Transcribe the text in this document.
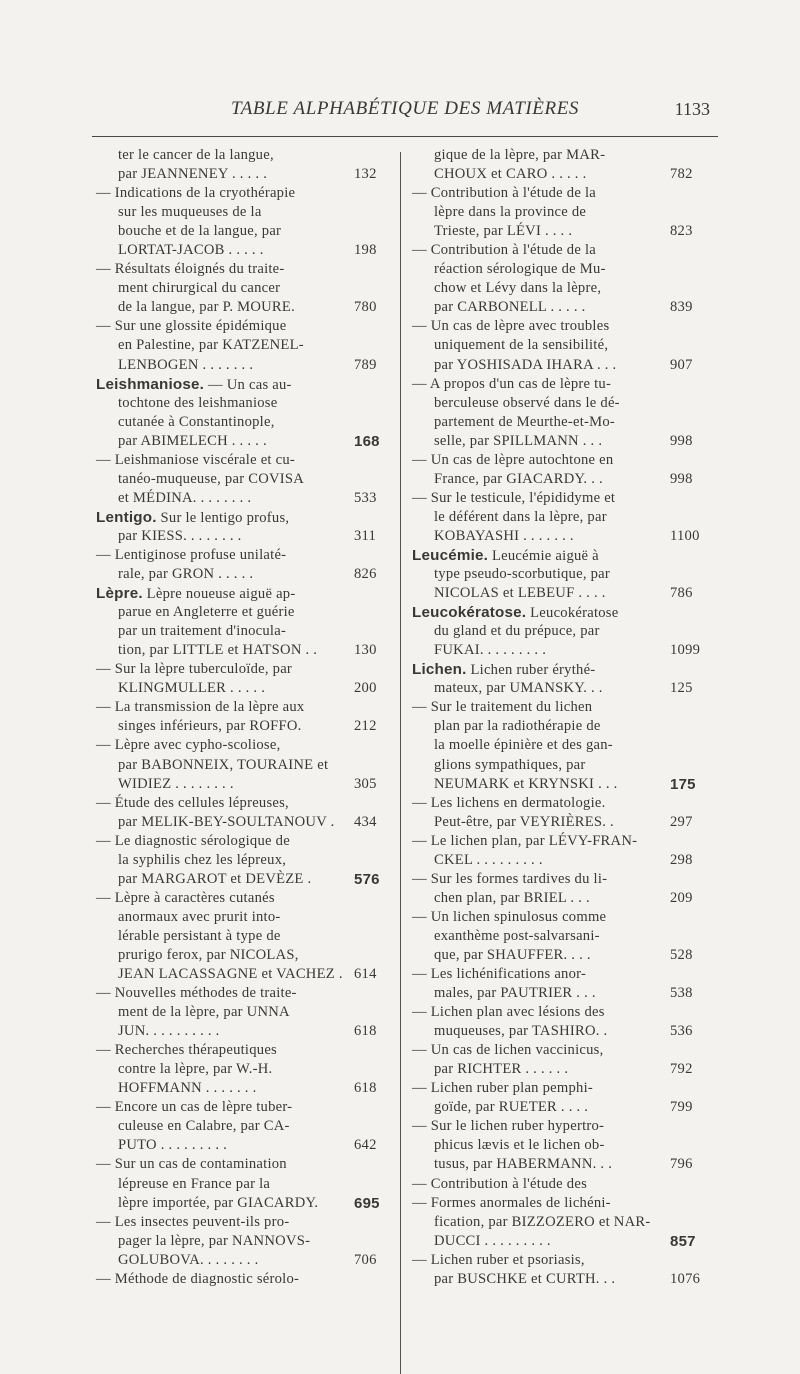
TABLE ALPHABÉTIQUE DES MATIÈRES	1133
ter le cancer de la langue,
par JEANNENEY . . . . .	132
— Indications de la cryothérapie
sur les muqueuses de la
bouche et de la langue, par
LORTAT-JACOB . . . . .	198
— Résultats éloignés du traite-
ment chirurgical du cancer
de la langue, par P. MOURE.	780
— Sur une glossite épidémique
en Palestine, par KATZENEL-
LENBOGEN . . . . . . .	789
Leishmaniose. — Un cas au-
tochtone des leishmaniose
cutanée à Constantinople,
par ABIMELECH . . . . .	168
— Leishmaniose viscérale et cu-
tanéo-muqueuse, par COVISA
et MÉDINA. . . . . . . .	533
Lentigo. Sur le lentigo profus,
par KIESS. . . . . . . .	311
— Lentiginose profuse unilaté-
rale, par GRON . . . . .	826
Lèpre. Lèpre noueuse aiguë ap-
parue en Angleterre et guérie
par un traitement d'inocula-
tion, par LITTLE et HATSON . .	130
— Sur la lèpre tuberculoïde, par
KLINGMULLER . . . . .	200
— La transmission de la lèpre aux
singes inférieurs, par ROFFO.	212
— Lèpre avec cypho-scoliose,
par BABONNEIX, TOURAINE et
WIDIEZ . . . . . . . .	305
— Étude des cellules lépreuses,
par MELIK-BEY-SOULTANOUV . 434
— Le diagnostic sérologique de
la syphilis chez les lépreux,
par MARGAROT et DEVÈZE .	576
— Lèpre à caractères cutanés
anormaux avec prurit into-
lérable persistant à type de
prurigo ferox, par NICOLAS,
JEAN LACASSAGNE et VACHEZ . 614
— Nouvelles méthodes de traite-
ment de la lèpre, par UNNA
JUN. . . . . . . . . .	618
— Recherches thérapeutiques
contre la lèpre, par W.-H.
HOFFMANN . . . . . . .	618
— Encore un cas de lèpre tuber-
culeuse en Calabre, par CA-
PUTO . . . . . . . . .	642
— Sur un cas de contamination
lépreuse en France par la
lèpre importée, par GIACARDY. 695
— Les insectes peuvent-ils pro-
pager la lèpre, par NANNOVS-
GOLUBOVA. . . . . . . .	706
— Méthode de diagnostic sérolo-
gique de la lèpre, par MAR-
CHOUX et CARO . . . . .	782
— Contribution à l'étude de la
lèpre dans la province de
Trieste, par LÉVI . . . .	823
— Contribution à l'étude de la
réaction sérologique de Mu-
chow et Lévy dans la lèpre,
par CARBONELL . . . . .	839
— Un cas de lèpre avec troubles
uniquement de la sensibilité,
par YOSHISADA IHARA . . .	907
— A propos d'un cas de lèpre tu-
berculeuse observé dans le dé-
partement de Meurthe-et-Mo-
selle, par SPILLMANN . . .	998
— Un cas de lèpre autochtone en
France, par GIACARDY. . .	998
— Sur le testicule, l'épididyme et
le déférent dans la lèpre, par
KOBAYASHI . . . . . . .	1100
Leucémie. Leucémie aiguë à
type pseudo-scorbutique, par
NICOLAS et LEBEUF . . . .	786
Leucokératose. Leucokératose
du gland et du prépuce, par
FUKAI. . . . . . . . .	1099
Lichen. Lichen ruber érythé-
mateux, par UMANSKY. . .	125
— Sur le traitement du lichen
plan par la radiothérapie de
la moelle épinière et des gan-
glions sympathiques, par
NEUMARK et KRYNSKI . . .	175
— Les lichens en dermatologie.
Peut-être, par VEYRIÈRES. .	297
— Le lichen plan, par LÉVY-FRAN-
CKEL . . . . . . . . .	298
— Sur les formes tardives du li-
chen plan, par BRIEL . . .	209
— Un lichen spinulosus comme
exanthème post-salvarsani-
que, par SHAUFFER. . . .	528
— Les lichénifications anor-
males, par PAUTRIER . . .	538
— Lichen plan avec lésions des
muqueuses, par TASHIRO. .	536
— Un cas de lichen vaccinicus,
par RICHTER . . . . . .	792
— Lichen ruber plan pemphi-
goïde, par RUETER . . . .	799
— Sur le lichen ruber hypertro-
phicus lævis et le lichen ob-
tusus, par HABERMANN. . .	796
— Contribution à l'étude des
— Formes anormales de lichéni-
fication, par BIZZOZERO et NAR-
DUCCI . . . . . . . . .	857
— Lichen ruber et psoriasis,
par BUSCHKE et CURTH. . .	1076
